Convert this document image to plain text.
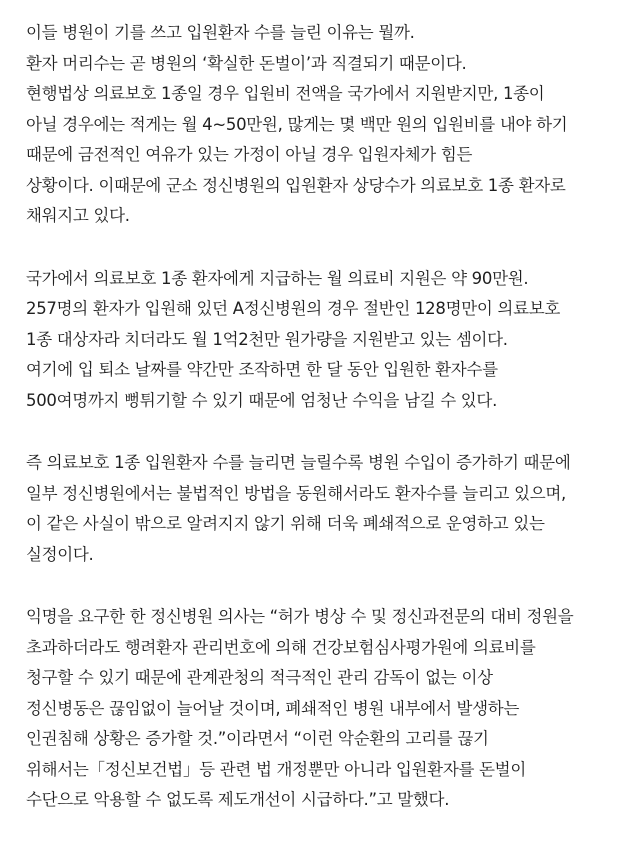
이들 병원이 기를 쓰고 입원환자 수를 늘린 이유는 뭘까.
환자 머리수는 곧 병원의 ‘확실한 돈벌이’과 직결되기 때문이다.
현행법상 의료보호 1종일 경우 입원비 전액을 국가에서 지원받지만, 1종이
아닐 경우에는 적게는 월 4~50만원, 많게는 몇 백만 원의 입원비를 내야 하기
때문에 금전적인 여유가 있는 가정이 아닐 경우 입원자체가 힘든
상황이다. 이때문에 군소 정신병원의 입원환자 상당수가 의료보호 1종 환자로
채워지고 있다.
국가에서 의료보호 1종 환자에게 지급하는 월 의료비 지원은 약 90만원.
257명의 환자가 입원해 있던 A정신병원의 경우 절반인 128명만이 의료보호
1종 대상자라 치더라도 월 1억2천만 원가량을 지원받고 있는 셈이다.
여기에 입 퇴소 날짜를 약간만 조작하면 한 달 동안 입원한 환자수를
500여명까지 뻥튀기할 수 있기 때문에 엄청난 수익을 남길 수 있다.
즉 의료보호 1종 입원환자 수를 늘리면 늘릴수록 병원 수입이 증가하기 때문에
일부 정신병원에서는 불법적인 방법을 동원해서라도 환자수를 늘리고 있으며,
이 같은 사실이 밖으로 알려지지 않기 위해 더욱 폐쇄적으로 운영하고 있는
실정이다.
익명을 요구한 한 정신병원 의사는 “허가 병상 수 및 정신과전문의 대비 정원을
초과하더라도 행려환자 관리번호에 의해 건강보험심사평가원에 의료비를
청구할 수 있기 때문에 관계관청의 적극적인 관리 감독이 없는 이상
정신병동은 끊임없이 늘어날 것이며, 폐쇄적인 병원 내부에서 발생하는
인권침해 상황은 증가할 것.”이라면서 “이런 악순환의 고리를 끊기
위해서는「정신보건법」등 관련 법 개정뿐만 아니라 입원환자를 돈벌이
수단으로 악용할 수 없도록 제도개선이 시급하다.”고 말했다.
